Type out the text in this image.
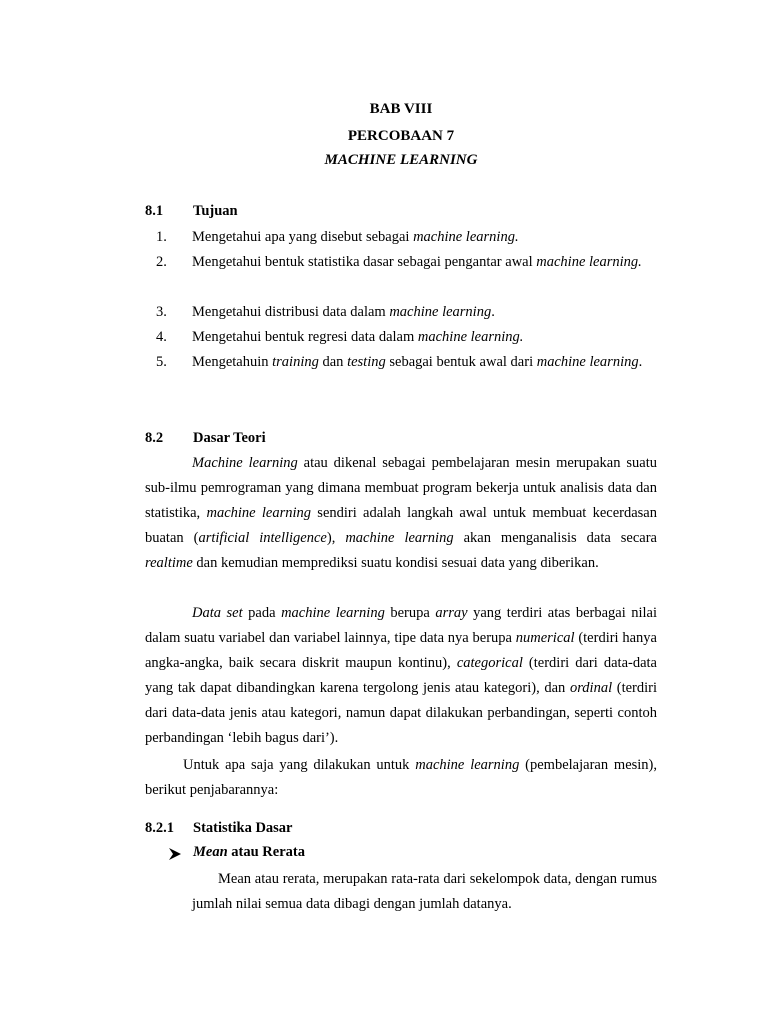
BAB VIII
PERCOBAAN 7
MACHINE LEARNING
8.1 Tujuan
1. Mengetahui apa yang disebut sebagai machine learning.
2. Mengetahui bentuk statistika dasar sebagai pengantar awal machine learning.
3. Mengetahui distribusi data dalam machine learning.
4. Mengetahui bentuk regresi data dalam machine learning.
5. Mengetahuin training dan testing sebagai bentuk awal dari machine learning.
8.2 Dasar Teori
Machine learning atau dikenal sebagai pembelajaran mesin merupakan suatu sub-ilmu pemrograman yang dimana membuat program bekerja untuk analisis data dan statistika, machine learning sendiri adalah langkah awal untuk membuat kecerdasan buatan (artificial intelligence), machine learning akan menganalisis data secara realtime dan kemudian memprediksi suatu kondisi sesuai data yang diberikan.
Data set pada machine learning berupa array yang terdiri atas berbagai nilai dalam suatu variabel dan variabel lainnya, tipe data nya berupa numerical (terdiri hanya angka-angka, baik secara diskrit maupun kontinu), categorical (terdiri dari data-data yang tak dapat dibandingkan karena tergolong jenis atau kategori), dan ordinal (terdiri dari data-data jenis atau kategori, namun dapat dilakukan perbandingan, seperti contoh perbandingan ‘lebih bagus dari’).
Untuk apa saja yang dilakukan untuk machine learning (pembelajaran mesin), berikut penjabarannya:
8.2.1 Statistika Dasar
Mean atau Rerata
Mean atau rerata, merupakan rata-rata dari sekelompok data, dengan rumus jumlah nilai semua data dibagi dengan jumlah datanya.
